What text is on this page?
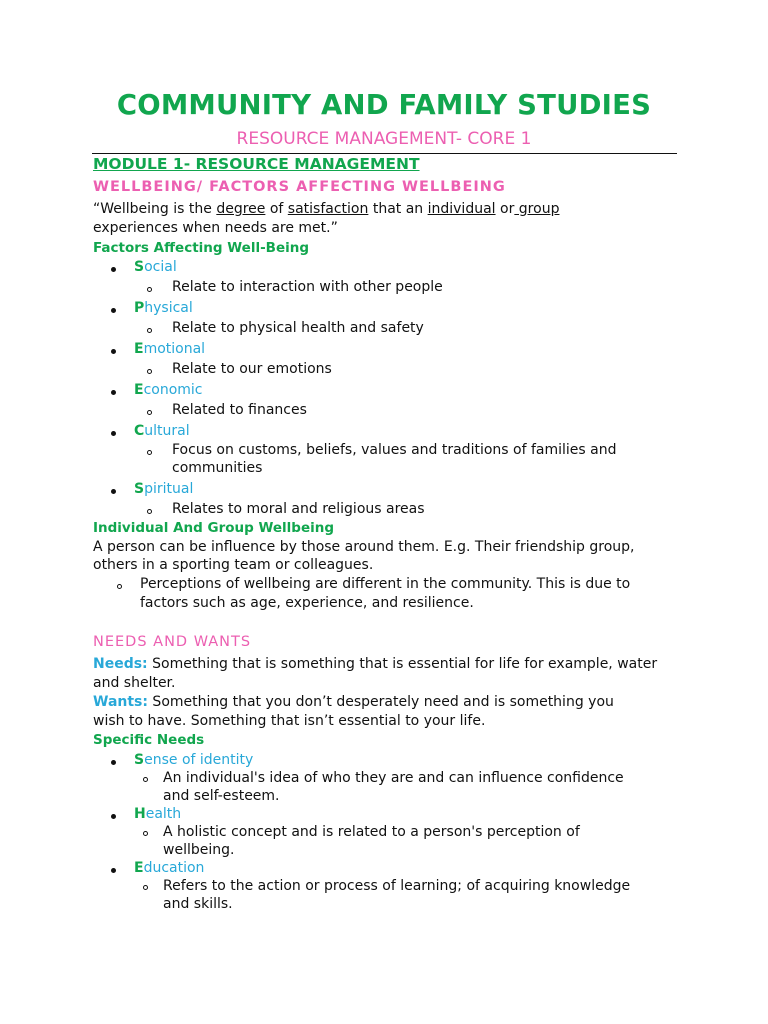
COMMUNITY AND FAMILY STUDIES
RESOURCE MANAGEMENT- CORE 1
MODULE 1- RESOURCE MANAGEMENT
WELLBEING/ FACTORS AFFECTING WELLBEING
“Wellbeing is the degree of satisfaction that an individual or group
experiences when needs are met.”
Factors Affecting Well-Being
Social
Relate to interaction with other people
Physical
Relate to physical health and safety
Emotional
Relate to our emotions
Economic
Related to finances
Cultural
Focus on customs, beliefs, values and traditions of families and
communities
Spiritual
Relates to moral and religious areas
Individual And Group Wellbeing
A person can be influence by those around them. E.g. Their friendship group,
others in a sporting team or colleagues.
Perceptions of wellbeing are different in the community. This is due to
factors such as age, experience, and resilience.
NEEDS AND WANTS
Needs: Something that is something that is essential for life for example, water
and shelter.
Wants: Something that you don’t desperately need and is something you
wish to have. Something that isn’t essential to your life.
Specific Needs
Sense of identity
An individual's idea of who they are and can influence confidence
and self-esteem.
Health
A holistic concept and is related to a person's perception of
wellbeing.
Education
Refers to the action or process of learning; of acquiring knowledge
and skills.
